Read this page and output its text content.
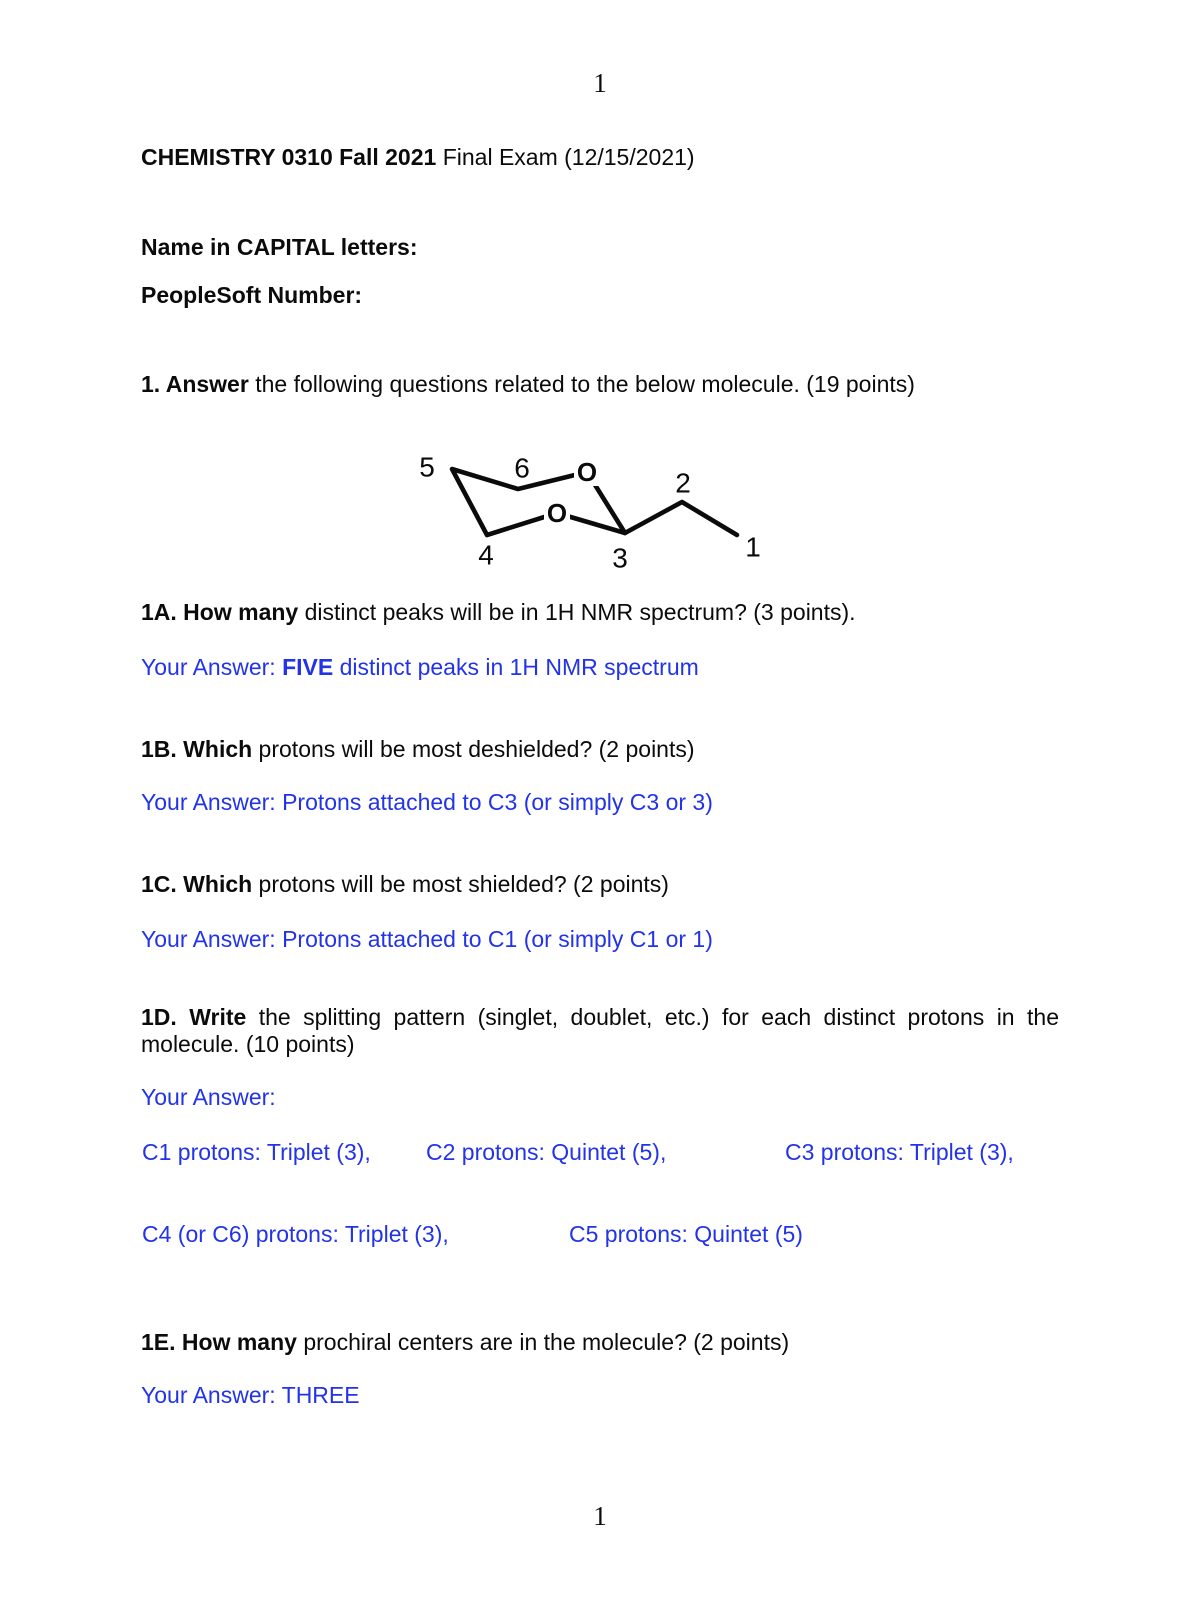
1
CHEMISTRY 0310 Fall 2021 Final Exam (12/15/2021)
Name in CAPITAL letters:
PeopleSoft Number:
1. Answer the following questions related to the below molecule. (19 points)
O
O
5	6	2
4	3	1
1A. How many distinct peaks will be in 1H NMR spectrum? (3 points).
Your Answer: FIVE distinct peaks in 1H NMR spectrum
1B. Which protons will be most deshielded? (2 points)
Your Answer: Protons attached to C3 (or simply C3 or 3)
1C. Which protons will be most shielded? (2 points)
Your Answer: Protons attached to C1 (or simply C1 or 1)
1D. Write the splitting pattern (singlet, doublet, etc.) for each distinct protons in the molecule. (10 points)
Your Answer:
C1 protons: Triplet (3), C2 protons: Quintet (5),	C3 protons: Triplet (3),
C4 (or C6) protons: Triplet (3),	C5 protons: Quintet (5)
1E. How many prochiral centers are in the molecule? (2 points)
Your Answer: THREE
1
